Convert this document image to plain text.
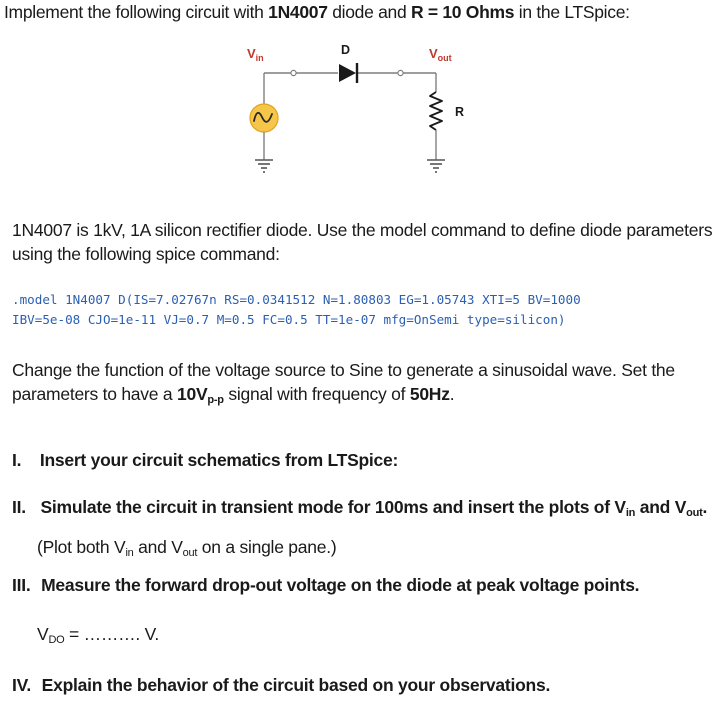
Implement the following circuit with 1N4007 diode and R = 10 Ohms in the LTSpice:
$V_{in}$
D	$V_{out}$
R
1N4007 is 1kV, 1A silicon rectifier diode. Use the model command to define diode parameters
using the following spice command:
.model 1N4007 D(IS=7.02767n RS=0.0341512 N=1.80803 EG=1.05743 XTI=5 BV=1000
IBV=5e-08 CJO=1e-11 VJ=0.7 M=0.5 FC=0.5 TT=1e-07 mfg=OnSemi type=silicon)
Change the function of the voltage source to Sine to generate a sinusoidal wave. Set the
parameters to have a $10V_{p-p}$ signal with frequency of 50Hz.
I. Insert your circuit schematics from LTSpice:
II. Simulate the circuit in transient mode for 100ms and insert the plots of $V_{in}$ and $V_{out}$.
(Plot both $V_{in}$ and $V_{out}$ on a single pane.)
III. Measure the forward drop-out voltage on the diode at peak voltage points.
$V_{DO}$ = ………. V.
IV. Explain the behavior of the circuit based on your observations.
